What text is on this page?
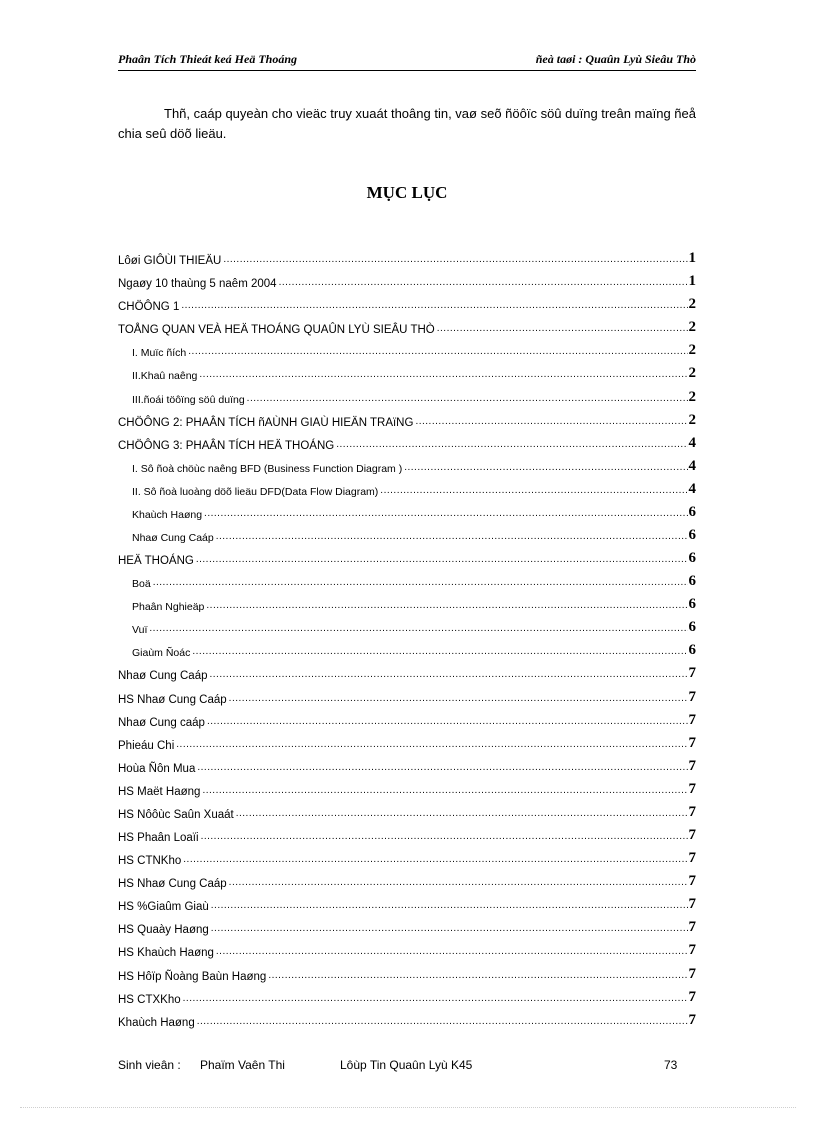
Phaân Tích Thieát keá Heä Thoáng	ñeà taøi : Quaûn Lyù Sieâu Thò
Thñ, caáp quyeàn cho vieäc truy xuaát thoâng tin, vaø seõ ñöôïc söû duïng treân maïng ñeå chia seû döõ lieäu.
MỤC LỤC
Lôøi GIÔÙI THIEÄU .....	1
Ngaøy 10 thaùng 5 naêm 2004 .....	1
CHÖÔNG 1 .....	2
TOÅNG QUAN VEÀ HEÄ THOÁNG QUAÛN LYÙ SIEÂU THÒ .....	2
I. Muïc ñích .....	2
II.Khaû naêng .....	2
III.ñoái töôïng söû duïng .....	2
CHÖÔNG 2: PHAÂN TÍCH ñAÙNH GIAÙ HIEÄN TRAïNG .....	2
CHÖÔNG 3: PHAÂN TÍCH HEÄ THOÁNG .....	4
I. Sô ñoà chöùc naêng BFD (Business Function Diagram ) .....	4
II. Sô ñoà luoàng döõ lieäu DFD(Data Flow Diagram) .....	4
Khaùch Haøng .....	6
Nhaø Cung Caáp .....	6
HEÄ THOÁNG .....	6
Boä .....	6
Phaân Nghieäp .....	6
Vuï .....	6
Giaùm Ñoác .....	6
Nhaø Cung Caáp .....	7
HS Nhaø Cung Caáp .....	7
Nhaø Cung caáp .....	7
Phieáu Chi .....	7
Hoùa Ñôn Mua .....	7
HS Maët Haøng .....	7
HS Nôôùc Saûn Xuaát .....	7
HS Phaân Loaïi .....	7
HS CTNKho .....	7
HS Nhaø Cung Caáp .....	7
HS %Giaûm Giaù .....	7
HS Quaày Haøng .....	7
HS Khaùch Haøng .....	7
HS Hôïp Ñoàng Baùn Haøng .....	7
HS CTXKho .....	7
Khaùch Haøng .....	7
Sinh vieân : Phaïm Vaên Thi	Lôùp Tin Quaûn Lyù K45	73
